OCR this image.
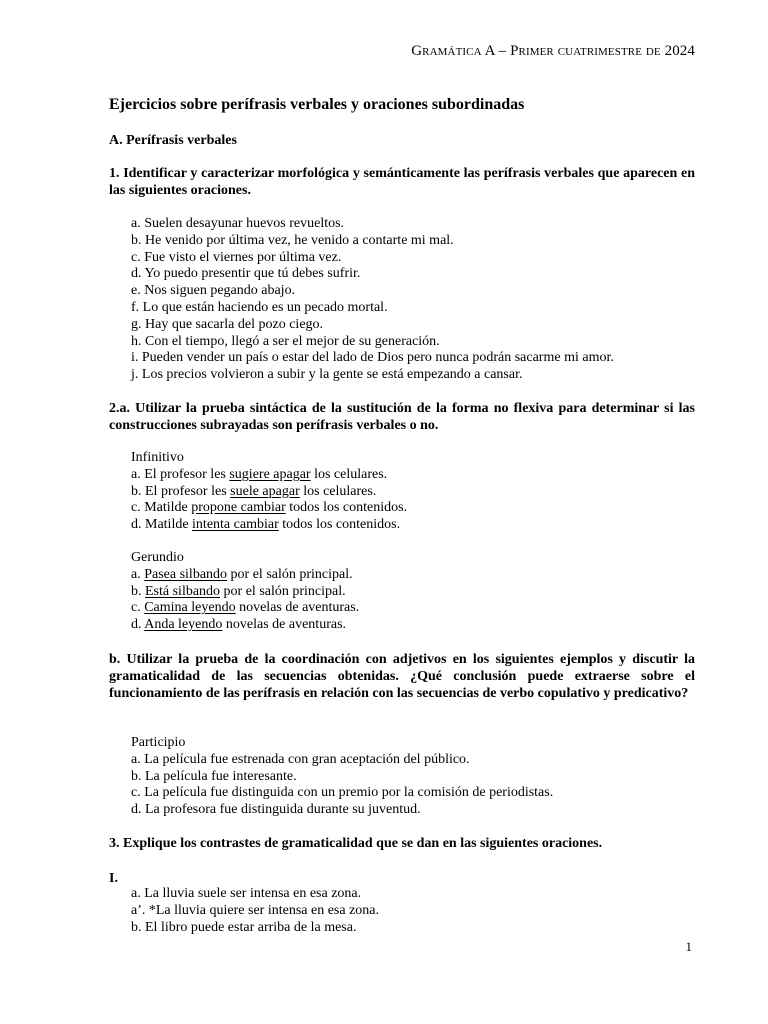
Gramática A – Primer cuatrimestre de 2024
Ejercicios sobre perífrasis verbales y oraciones subordinadas
A. Perífrasis verbales

1. Identificar y caracterizar morfológica y semánticamente las perífrasis verbales que aparecen en las siguientes oraciones.

a. Suelen desayunar huevos revueltos.
b. He venido por última vez, he venido a contarte mi mal.
c. Fue visto el viernes por última vez.
d. Yo puedo presentir que tú debes sufrir.
e. Nos siguen pegando abajo.
f. Lo que están haciendo es un pecado mortal.
g. Hay que sacarla del pozo ciego.
h. Con el tiempo, llegó a ser el mejor de su generación.
i. Pueden vender un país o estar del lado de Dios pero nunca podrán sacarme mi amor.
j. Los precios volvieron a subir y la gente se está empezando a cansar.

2.a. Utilizar la prueba sintáctica de la sustitución de la forma no flexiva para determinar si las construcciones subrayadas son perífrasis verbales o no.

Infinitivo
a. El profesor les sugiere apagar los celulares.
b. El profesor les suele apagar los celulares.
c. Matilde propone cambiar todos los contenidos.
d. Matilde intenta cambiar todos los contenidos.
Gerundio
a. Pasea silbando por el salón principal.
b. Está silbando por el salón principal.
c. Camina leyendo novelas de aventuras.
d. Anda leyendo novelas de aventuras.

b. Utilizar la prueba de la coordinación con adjetivos en los siguientes ejemplos y discutir la gramaticalidad de las secuencias obtenidas. ¿Qué conclusión puede extraerse sobre el funcionamiento de las perífrasis en relación con las secuencias de verbo copulativo y predicativo?

Participio
a. La película fue estrenada con gran aceptación del público.
b. La película fue interesante.
c. La película fue distinguida con un premio por la comisión de periodistas.
d. La profesora fue distinguida durante su juventud.

3. Explique los contrastes de gramaticalidad que se dan en las siguientes oraciones.

I.
a. La lluvia suele ser intensa en esa zona.
a’. *La lluvia quiere ser intensa en esa zona.
b. El libro puede estar arriba de la mesa.
1
